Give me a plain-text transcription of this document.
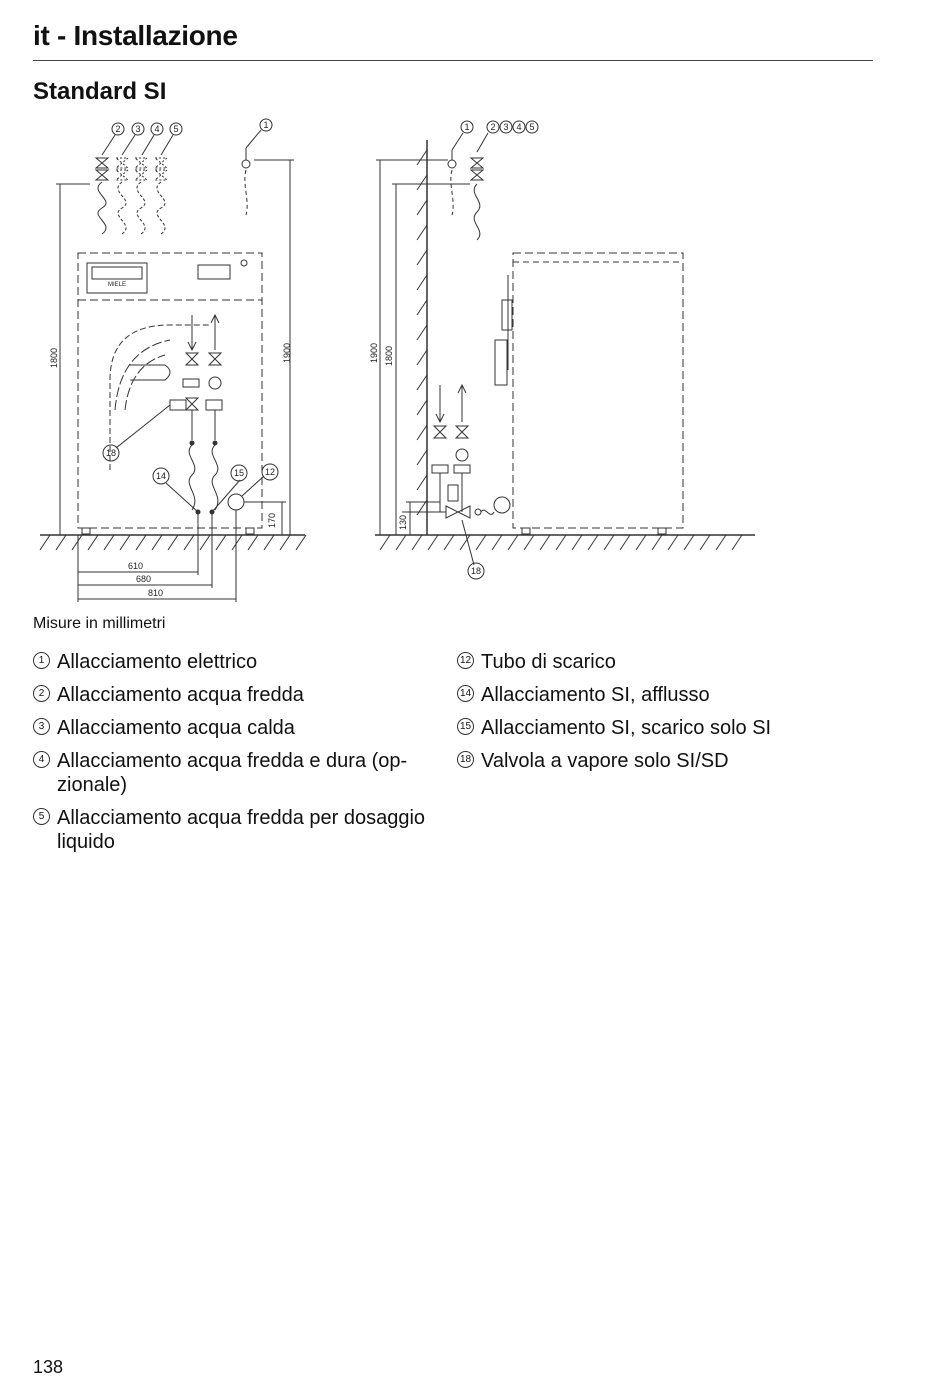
it - Installazione
Standard SI
2 3 4 5	1	1 2 3 4 5
18
14	15 12
18
MIELE
1800	1900
170
610
680
810
1900 1800
130
Misure in millimetri
1 Allacciamento elettrico
2 Allacciamento acqua fredda
3 Allacciamento acqua calda
4 Allacciamento acqua fredda e dura (op-zionale)
5 Allacciamento acqua fredda per dosaggio liquido
12 Tubo di scarico
14 Allacciamento SI, afflusso
15 Allacciamento SI, scarico solo SI
18 Valvola a vapore solo SI/SD
138
